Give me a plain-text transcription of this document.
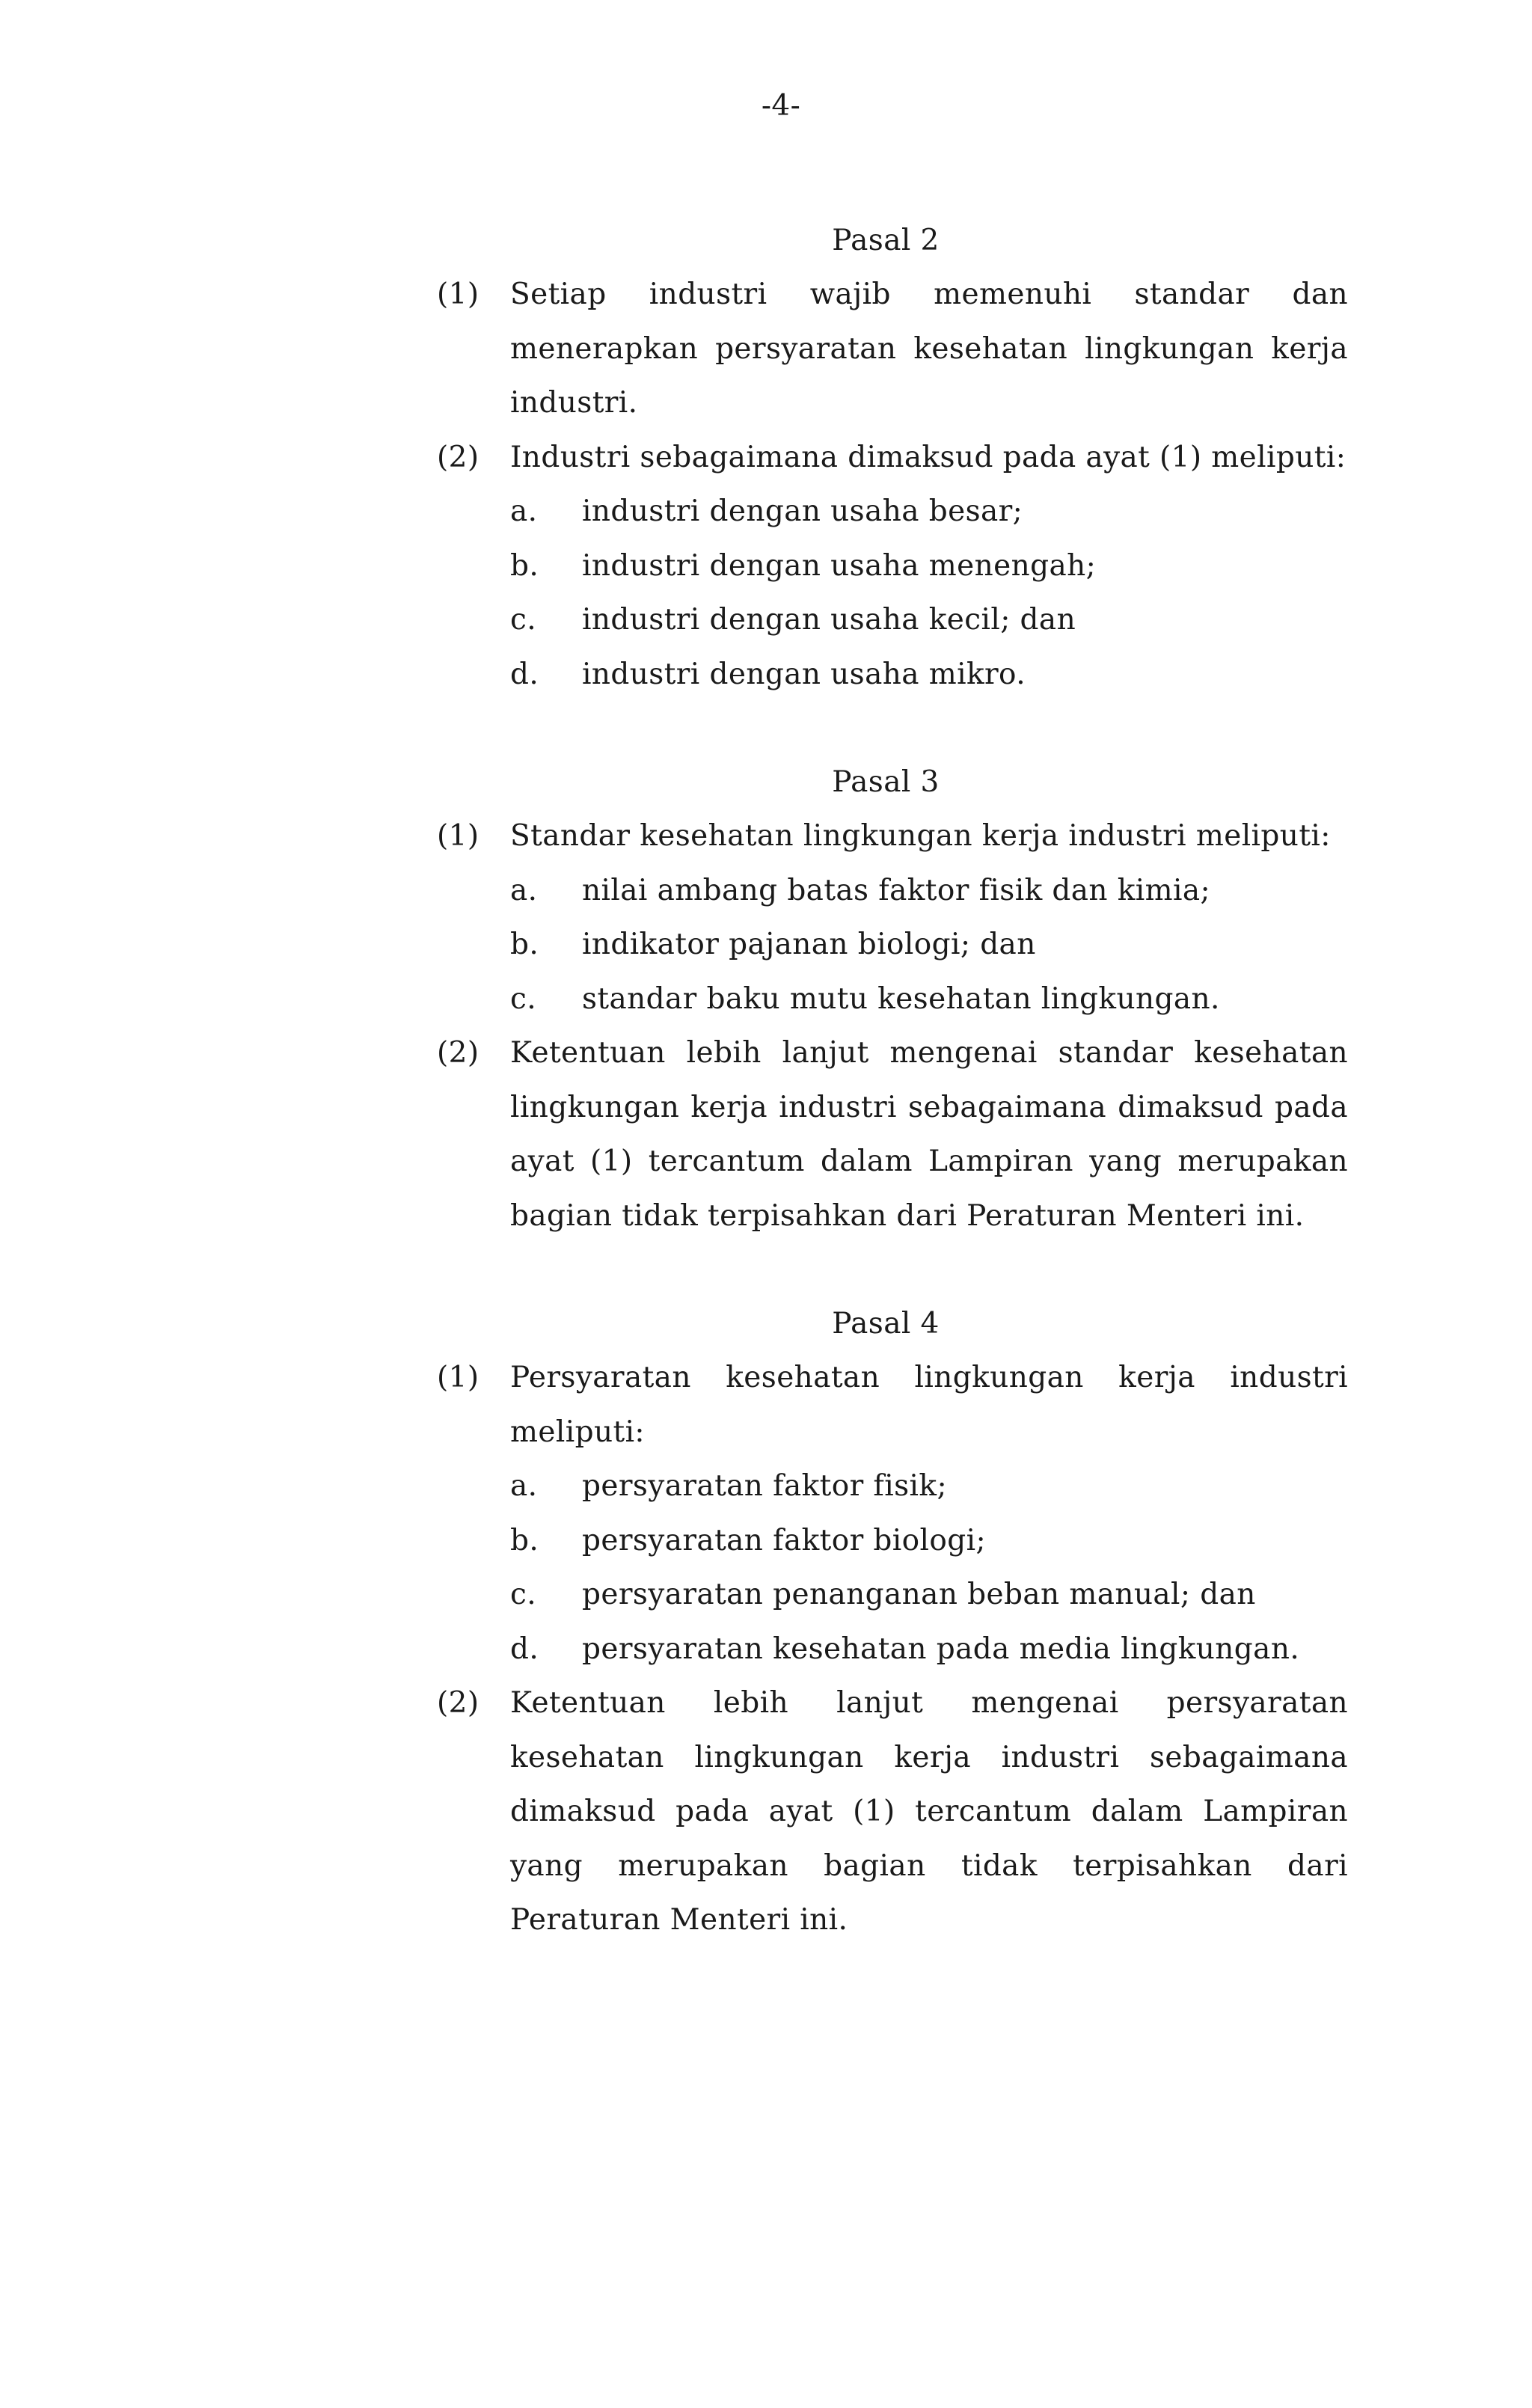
-4-
Pasal 2
(1) Setiap industri wajib memenuhi standar dan menerapkan persyaratan kesehatan lingkungan kerja industri.
(2) Industri sebagaimana dimaksud pada ayat (1) meliputi:
a. industri dengan usaha besar;
b. industri dengan usaha menengah;
c. industri dengan usaha kecil; dan
d. industri dengan usaha mikro.
Pasal 3
(1) Standar kesehatan lingkungan kerja industri meliputi:
a. nilai ambang batas faktor fisik dan kimia;
b. indikator pajanan biologi; dan
c. standar baku mutu kesehatan lingkungan.
(2) Ketentuan lebih lanjut mengenai standar kesehatan lingkungan kerja industri sebagaimana dimaksud pada ayat (1) tercantum dalam Lampiran yang merupakan bagian tidak terpisahkan dari Peraturan Menteri ini.
Pasal 4
(1) Persyaratan kesehatan lingkungan kerja industri meliputi:
a. persyaratan faktor fisik;
b. persyaratan faktor biologi;
c. persyaratan penanganan beban manual; dan
d. persyaratan kesehatan pada media lingkungan.
(2) Ketentuan lebih lanjut mengenai persyaratan kesehatan lingkungan kerja industri sebagaimana dimaksud pada ayat (1) tercantum dalam Lampiran yang merupakan bagian tidak terpisahkan dari Peraturan Menteri ini.
